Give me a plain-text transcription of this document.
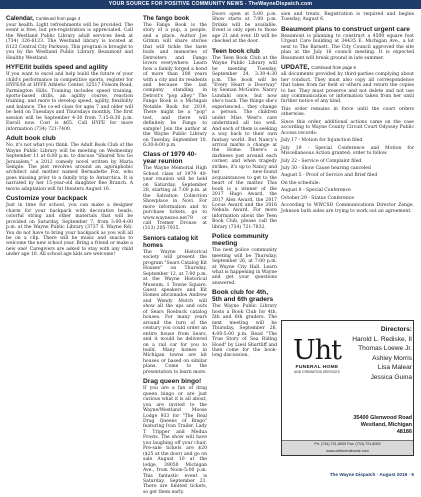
YOUR SOURCE FOR POSITIVE COMMUNITY NEWS - TheWayneDispatch.com
Calendar, Continued from page 4

your health. Light refreshments will be provided. The event is free, but pre-registration is appreciated. Call the Westland Public Library adult services desk at (734) 326-6123. The Westland library is located at 6123 Central City Parkway. This program is brought to you by the Westland Public Library, Beaumont and Healthy Westland.

HYFE/lit builds speed and agility

If you want to excel and help build the future of your child's performance in competitive sports, register for HYFE/lit at HYFE Athletic Center, 32517 Folsom Road, Farmington Hills. Training includes speed training, sports-based drills, an agility course, reaction training, and more to develop speed, agility, flexibility and balance. The co-ed class for ages 7 and older will be held on Tuesdays and Thursdays monthly. The first session will be September 4-30 from 7:15-8:30 p.m. Enroll now. Cost is $65. Call HYFE for more information (734) 721-7400.

Adult book club

No, it's not what you think. The Adult Book Club of the Wayne Public Library will be meeting on Wednesday September 11 at 6:00 p.m. to discuss "Shared You Go Jerusalem," a 2012 comedy novel written by Maria Semple. The plot revolves around an agoraphobic architect and mother named Bernadette Fox, who goes missing prior to a family trip to Antarctica. It is narrated by her 15-year-old daughter Bee Branch. A movie adaptation will hit theaters August 16.

Customize your backpack

Just in time for school, you can make a designer charm for your backpack with decorative beads, colorful string and other materials that will be provided on Saturday, September 7, from 3:00-4:00 p.m. at the Wayne Public Library (3737 S. Wayne Rd). You do not have to bring your backpack as you will all be on a clip. There will be music and snacks to welcome the new school year. Bring a friend or make a new one! Caregivers are asked to stay with any child under age 10. All school age kids are welcome!

The fango book

The Fango Book is the story of a pup, a people, and a place. Author Joe Grimm will share stories that will tickle the taste buds and memories of Detroiters and Fango lovers everywhere. Learn how a family forged a bond of more than 100 years with a city and its residents and because the last company standing in Detroit's "pop alley." The Fango Book is a Michigan Notable Book for 2019. There might be a "pop" test, and there will definitely be Fango to sample! Join the author at the Wayne Public Library on Tuesday, September 10, 6:30-8:00 p.m.

Class of 1979 40-year reunion

The Wayne Memorial High School class of 1979 40-year reunion will be held on Saturday, September 28, starting at 7:00 p.m. at the Salvation Collection Showplace in Novi. For more information and to purchase tickets, go to www.waynezoo.net79 or call Tremer Drouse at (313) 205-7935.

Seniors catalog kit homes

The Wayne Historical society will present the program "Sears Catalog Kit Houses" on Thursday, September 12, at 7:00 p.m. at the Wayne Historical Museum, 1 Towne Square. Guest speakers and Kit Homes aficionados Andrew and Wendy Mutch will show all the ups and outs of Sears Roebuck catalog houses. For many years around the turn of the century you could order an entire house from Sears, and it would be delivered on a rail car for you to build. Many homes in Michigan towns are kit houses or based on similar plans. Come to the presentation to learn more.

Drag queen bingo!

If you are a fan of drag queen bingo or are just curious what it is all about, you are invited to the Wayne/Westland Moose Lodge 933 for "The Real Drag Queens of Bingo" featuring Ivan Trailer, Lady T Tripper and Medua Frosts. The show will have you laughing off your chair. Pre-sale tickets are $20 ($25 at the door) and go on sale August 10 at the lodge, 39050 Michigan Ave., from Noon-5:00 p.m. This fantastic event is Saturday, September 21. There are limited tickets, so get them early.

Doors open at 5:00 p.m. Show starts at 7:00 p.m. Drinks will be available. Event is only open to those age 21 and over. ID will be checked at the door.

Teen book club

The Teen Book Club at the Wayne Public Library will be meeting Tuesday, September 24, 3:30-4:30 p.m. The book will be "Every Heart a Doorway" by Seanan McGuire. Nancy Lundahl once, but now she's back. The things she's experienced... they change a person. The children under Miss West's care understand all too well. And each of them is seeking a way back to their own fantasy world. But Nancy's arrival marks a change at the Home. There's a darkness just around each corner, and when tragedy strikes, it's up to Nancy and her new-found acquaintances to get to the heart of the matter. This book is a winner of the 2017 Hugo Award, the 2017 Alex Award, the 2017 Locus Award and the 2016 Nebula Award. For more information about the Teen Book Club, please call the library (734) 721-7832.

Police community meeting

The next police community meeting will be Thursday, September 26, at 7:00 p.m. at Wayne City Hall. Learn what is happening in Wayne and get your questions answered.

Book club for 4th, 5th and 6th graders

The Wayne Public Library hosts a Book Club for 4th, 5th and 6th graders. The next meeting will be Thursday, September 26, 4:00-5:00 p.m. Read "The True Story of Sea Riding Hood" by Liesl Shurtliff and then come for the book-long discussion.

sion and treats. Registration is required and begins Tuesday, August 6.

Beaumont plans to construct urgent care

Beaumont is planning to construct a 4500 square foot Urgent Care building at 34435 E. Michigan Ave., a lot next to The Barnett. The City Council approved the site plan at the July 16 council meeting. It is expected Beaumont will break ground in late summer.

UPDATE, Continued from page 6

all documents provided by third-parties complying about her conduct. They must also copy all correspondence that takes from far field or others and return the copies to her. They must preserve and not delete and not use any communication or information taken from her until further notice of any kind.

This order remains in force until the court orders otherwise.

Since this order, additional actions came on the case according to Wayne County Circuit Court Odyssey Public Access records:

July 17 - Motion for Injunction filed

July 19 - Special Conference and Motion for Miscellaneous Action granted; order to follow

July 22 - Service of Complaint filed

July 30 - Show Cause hearing canceled

August 5 - Proof of Service and Brief filed

On the schedule:

August 8 - Special Conference

October 29 - Status Conference

According to WWCSD Communications Director Zenge, Johnson bath sides are trying to work out an agreement.

Uht
FUNERAL HOME
AND CREMATION SERVICES
Directors:
Harold L. Rediske, II
Thomas Loewe Jr.
Ashley Morris
Lisa Malear
Jessica Guina
35400 Glenwood Road
Westland, Michigan 48186
Ph: (734) 721-8000 Fax: (734) 721-8003
www.uhtfuneralhome.com
The Wayne Dispatch · August 2019 · 5
